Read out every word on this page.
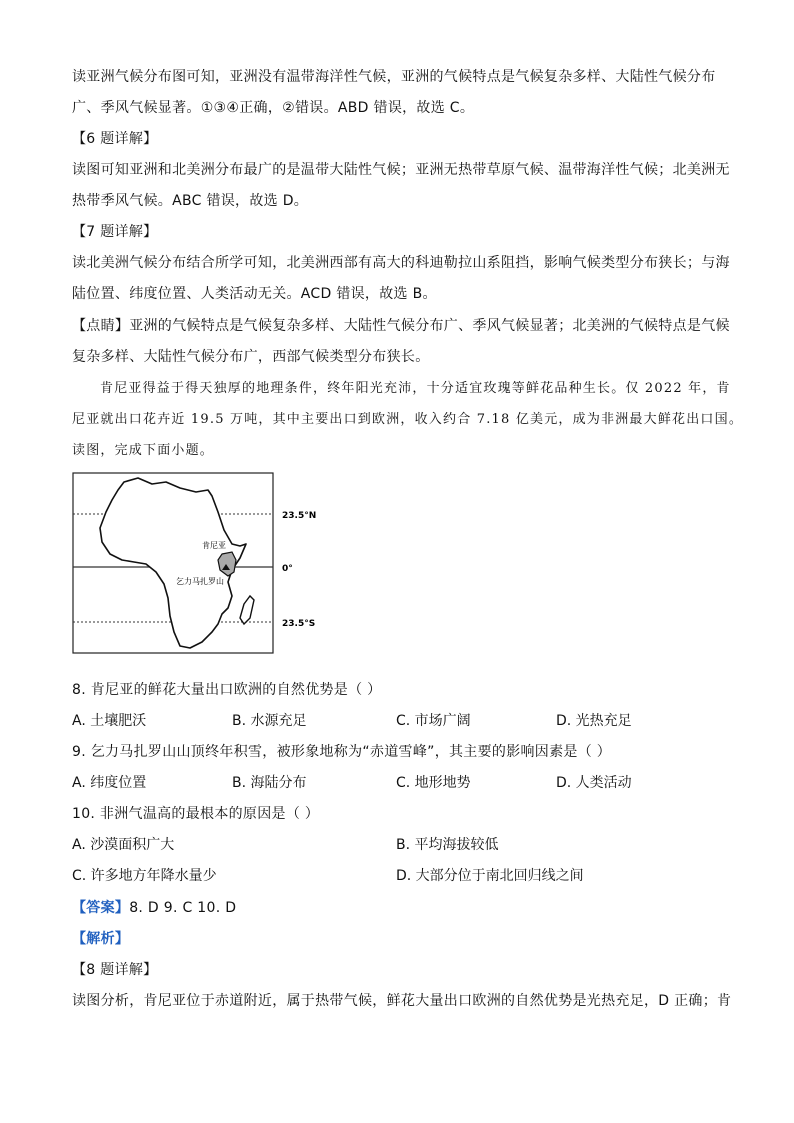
读亚洲气候分布图可知，亚洲没有温带海洋性气候，亚洲的气候特点是气候复杂多样、大陆性气候分布
广、季风气候显著。①③④正确，②错误。ABD 错误，故选 C。
【6 题详解】
读图可知亚洲和北美洲分布最广的是温带大陆性气候；亚洲无热带草原气候、温带海洋性气候；北美洲无
热带季风气候。ABC 错误，故选 D。
【7 题详解】
读北美洲气候分布结合所学可知，北美洲西部有高大的科迪勒拉山系阻挡，影响气候类型分布狭长；与海
陆位置、纬度位置、人类活动无关。ACD 错误，故选 B。
【点睛】亚洲的气候特点是气候复杂多样、大陆性气候分布广、季风气候显著；北美洲的气候特点是气候
复杂多样、大陆性气候分布广，西部气候类型分布狭长。
肯尼亚得益于得天独厚的地理条件，终年阳光充沛，十分适宜玫瑰等鲜花品种生长。仅 2022 年，肯
尼亚就出口花卉近 19.5 万吨，其中主要出口到欧洲，收入约合 7.18 亿美元，成为非洲最大鲜花出口国。
读图，完成下面小题。
肯尼亚
乞力马扎罗山
23.5°N
0°
23.5°S
8. 肯尼亚的鲜花大量出口欧洲的自然优势是（ ）
A. 土壤肥沃	B. 水源充足	C. 市场广阔	D. 光热充足
9. 乞力马扎罗山山顶终年积雪，被形象地称为“赤道雪峰”，其主要的影响因素是（ ）
A. 纬度位置	B. 海陆分布	C. 地形地势	D. 人类活动
10. 非洲气温高的最根本的原因是（ ）
A. 沙漠面积广大	B. 平均海拔较低
C. 许多地方年降水量少	D. 大部分位于南北回归线之间
【答案】8. D 9. C 10. D
【解析】
【8 题详解】
读图分析，肯尼亚位于赤道附近，属于热带气候，鲜花大量出口欧洲的自然优势是光热充足，D 正确；肯
